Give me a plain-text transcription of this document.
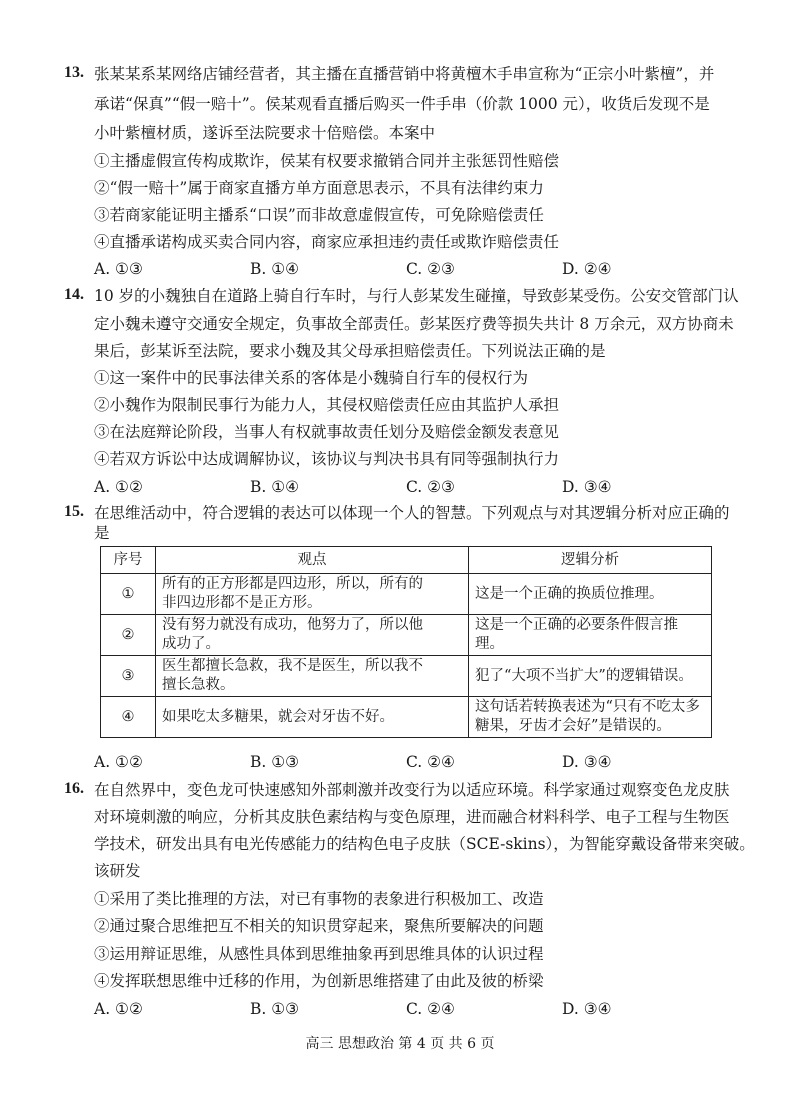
13. 张某某系某网络店铺经营者，其主播在直播营销中将黄檀木手串宣称为“正宗小叶紫檀”，并
承诺“保真”“假一赔十”。侯某观看直播后购买一件手串（价款 1000 元），收货后发现不是
小叶紫檀材质，遂诉至法院要求十倍赔偿。本案中
①主播虚假宣传构成欺诈，侯某有权要求撤销合同并主张惩罚性赔偿
②“假一赔十”属于商家直播方单方面意思表示，不具有法律约束力
③若商家能证明主播系“口误”而非故意虚假宣传，可免除赔偿责任
④直播承诺构成买卖合同内容，商家应承担违约责任或欺诈赔偿责任
A. ①③	B. ①④	C. ②③	D. ②④
14. 10 岁的小魏独自在道路上骑自行车时，与行人彭某发生碰撞，导致彭某受伤。公安交管部门认
定小魏未遵守交通安全规定，负事故全部责任。彭某医疗费等损失共计 8 万余元，双方协商未
果后，彭某诉至法院，要求小魏及其父母承担赔偿责任。下列说法正确的是
①这一案件中的民事法律关系的客体是小魏骑自行车的侵权行为
②小魏作为限制民事行为能力人，其侵权赔偿责任应由其监护人承担
③在法庭辩论阶段，当事人有权就事故责任划分及赔偿金额发表意见
④若双方诉讼中达成调解协议，该协议与判决书具有同等强制执行力
A. ①②	B. ①④	C. ②③	D. ③④
15. 在思维活动中，符合逻辑的表达可以体现一个人的智慧。下列观点与对其逻辑分析对应正确的
是
序号	观点	逻辑分析
①	所有的正方形都是四边形，所以，所有的
非四边形都不是正方形。	这是一个正确的换质位推理。

②	没有努力就没有成功，他努力了，所以他
成功了。	这是一个正确的必要条件假言推理。

③	医生都擅长急救，我不是医生，所以我不
擅长急救。	犯了“大项不当扩大”的逻辑错误。

④	如果吃太多糖果，就会对牙齿不好。	这句话若转换表述为“只有不吃太多
糖果，牙齿才会好”是错误的。
A. ①②	B. ①③	C. ②④	D. ③④
16. 在自然界中，变色龙可快速感知外部刺激并改变行为以适应环境。科学家通过观察变色龙皮肤
对环境刺激的响应，分析其皮肤色素结构与变色原理，进而融合材料科学、电子工程与生物医
学技术，研发出具有电光传感能力的结构色电子皮肤（SCE-skins），为智能穿戴设备带来突破。
该研发
①采用了类比推理的方法，对已有事物的表象进行积极加工、改造
②通过聚合思维把互不相关的知识贯穿起来，聚焦所要解决的问题
③运用辩证思维，从感性具体到思维抽象再到思维具体的认识过程
④发挥联想思维中迁移的作用，为创新思维搭建了由此及彼的桥梁
A. ①②	B. ①③	C. ②④	D. ③④
高三 思想政治 第 4 页 共 6 页
